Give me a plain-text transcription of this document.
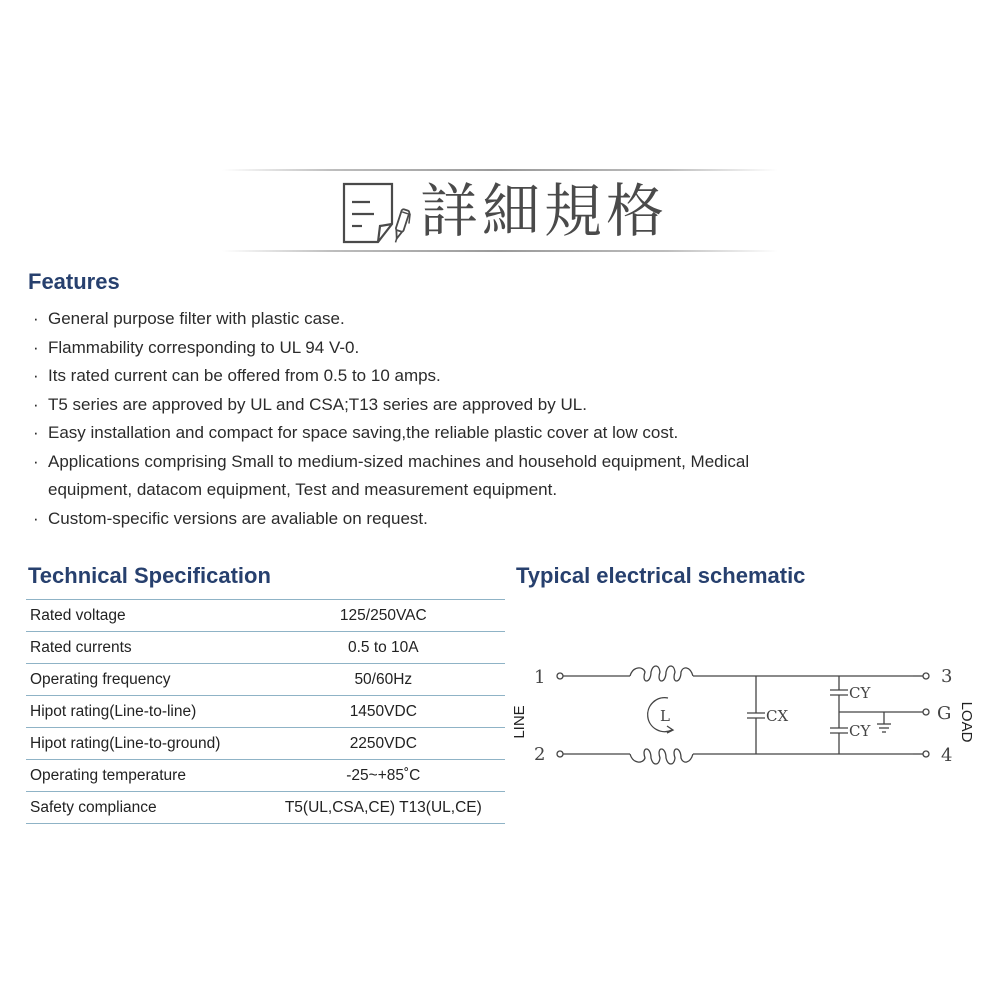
詳細規格
Features
· General purpose filter with plastic case.
· Flammability corresponding to UL 94 V-0.
· Its rated current can be offered from 0.5 to 10 amps.
· T5 series are approved by UL and CSA;T13 series are approved by UL.
· Easy installation and compact for space saving,the reliable plastic cover at low cost.
· Applications comprising Small to medium-sized machines and household equipment, Medical
equipment, datacom equipment, Test and measurement equipment.
· Custom-specific versions are avaliable on request.
Technical Specification
Rated voltage	125/250VAC
Rated currents	0.5 to 10A
Operating frequency	50/60Hz
Hipot rating(Line-to-line)	1450VDC
Hipot rating(Line-to-ground)	2250VDC
Operating temperature	-25~+85˚C
Safety compliance	T5(UL,CSA,CE) T13(UL,CE)
Typical electrical schematic
LINE	LOAD
1
2
3
G
4
L	CX
CY
CY
